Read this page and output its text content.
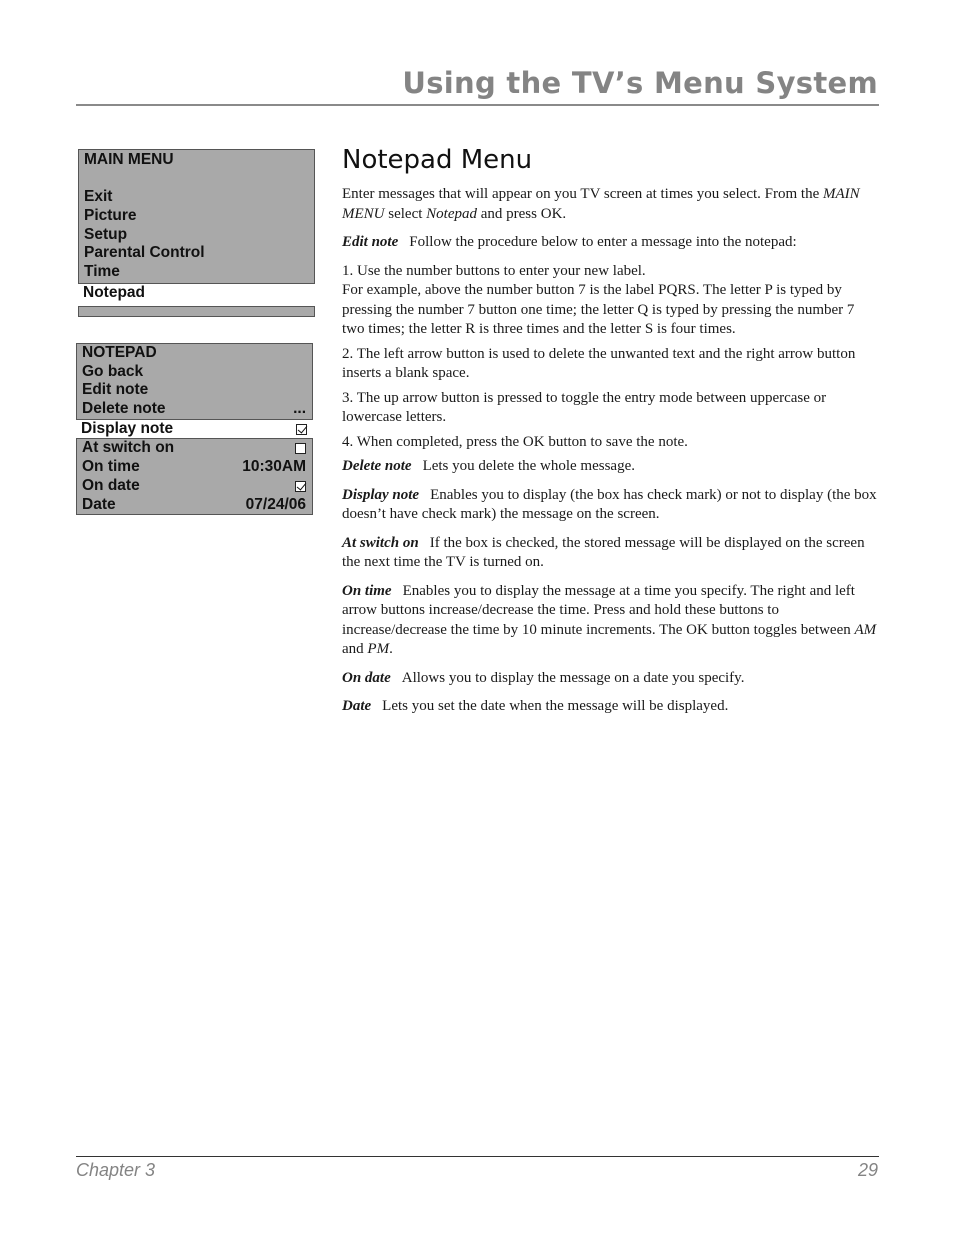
Using the TV’s Menu System
MAIN MENU
Exit
Picture
Setup
Parental Control
Time
Notepad
NOTEPAD
Go back
Edit note
Delete note	...
Display note
At switch on
On time	10:30AM
On date
Date	07/24/06
Notepad Menu

Enter messages that will appear on you TV screen at times you select. From the MAIN MENU select Notepad and press OK.

Edit note Follow the procedure below to enter a message into the notepad:

1. Use the number buttons to enter your new label.
For example, above the number button 7 is the label PQRS. The letter P is typed by pressing the number 7 button one time; the letter Q is typed by pressing the number 7 two times; the letter R is three times and the letter S is four times.

2. The left arrow button is used to delete the unwanted text and the right arrow button inserts a blank space.

3. The up arrow button is pressed to toggle the entry mode between uppercase or lowercase letters.

4. When completed, press the OK button to save the note.

Delete note Lets you delete the whole message.

Display note Enables you to display (the box has check mark) or not to display (the box doesn’t have check mark) the message on the screen.

At switch on If the box is checked, the stored message will be displayed on the screen the next time the TV is turned on.

On time Enables you to display the message at a time you specify. The right and left arrow buttons increase/decrease the time. Press and hold these buttons to increase/decrease the time by 10 minute increments. The OK button toggles between AM and PM.

On date Allows you to display the message on a date you specify.

Date Lets you set the date when the message will be displayed.

Chapter 3	29
